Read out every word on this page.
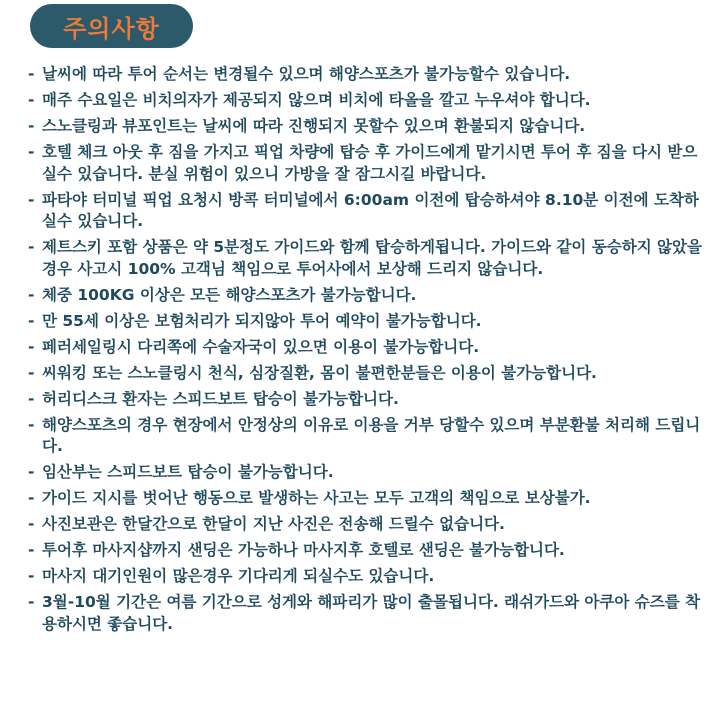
주의사항
- 날씨에 따라 투어 순서는 변경될수 있으며 해양스포츠가 불가능할수 있습니다.
- 매주 수요일은 비치의자가 제공되지 않으며 비치에 타올을 깔고 누우셔야 합니다.
- 스노클링과 뷰포인트는 날씨에 따라 진행되지 못할수 있으며 환불되지 않습니다.
- 호텔 체크 아웃 후 짐을 가지고 픽업 차량에 탑승 후 가이드에게 맡기시면 투어 후 짐을 다시 받으실수 있습니다. 분실 위험이 있으니 가방을 잘 잠그시길 바랍니다.
- 파타야 터미널 픽업 요청시 방콕 터미널에서 6:00am 이전에 탑승하셔야 8.10분 이전에 도착하실수 있습니다.
- 제트스키 포함 상품은 약 5분정도 가이드와 함께 탑승하게됩니다. 가이드와 같이 동승하지 않았을경우 사고시 100% 고객님 책임으로 투어사에서 보상해 드리지 않습니다.
- 체중 100KG 이상은 모든 해양스포츠가 불가능합니다.
- 만 55세 이상은 보험처리가 되지않아 투어 예약이 불가능합니다.
- 페러세일링시 다리쪽에 수술자국이 있으면 이용이 불가능합니다.
- 씨워킹 또는 스노클링시 천식, 심장질환, 몸이 불편한분들은 이용이 불가능합니다.
- 허리디스크 환자는 스피드보트 탑승이 불가능합니다.
- 해양스포츠의 경우 현장에서 안정상의 이유로 이용을 거부 당할수 있으며 부분환불 처리해 드립니다.
- 임산부는 스피드보트 탑승이 불가능합니다.
- 가이드 지시를 벗어난 행동으로 발생하는 사고는 모두 고객의 책임으로 보상불가.
- 사진보관은 한달간으로 한달이 지난 사진은 전송해 드릴수 없습니다.
- 투어후 마사지샵까지 샌딩은 가능하나 마사지후 호텔로 샌딩은 불가능합니다.
- 마사지 대기인원이 많은경우 기다리게 되실수도 있습니다.
- 3월-10월 기간은 여름 기간으로 성게와 해파리가 많이 출몰됩니다. 래쉬가드와 아쿠아 슈즈를 착용하시면 좋습니다.
